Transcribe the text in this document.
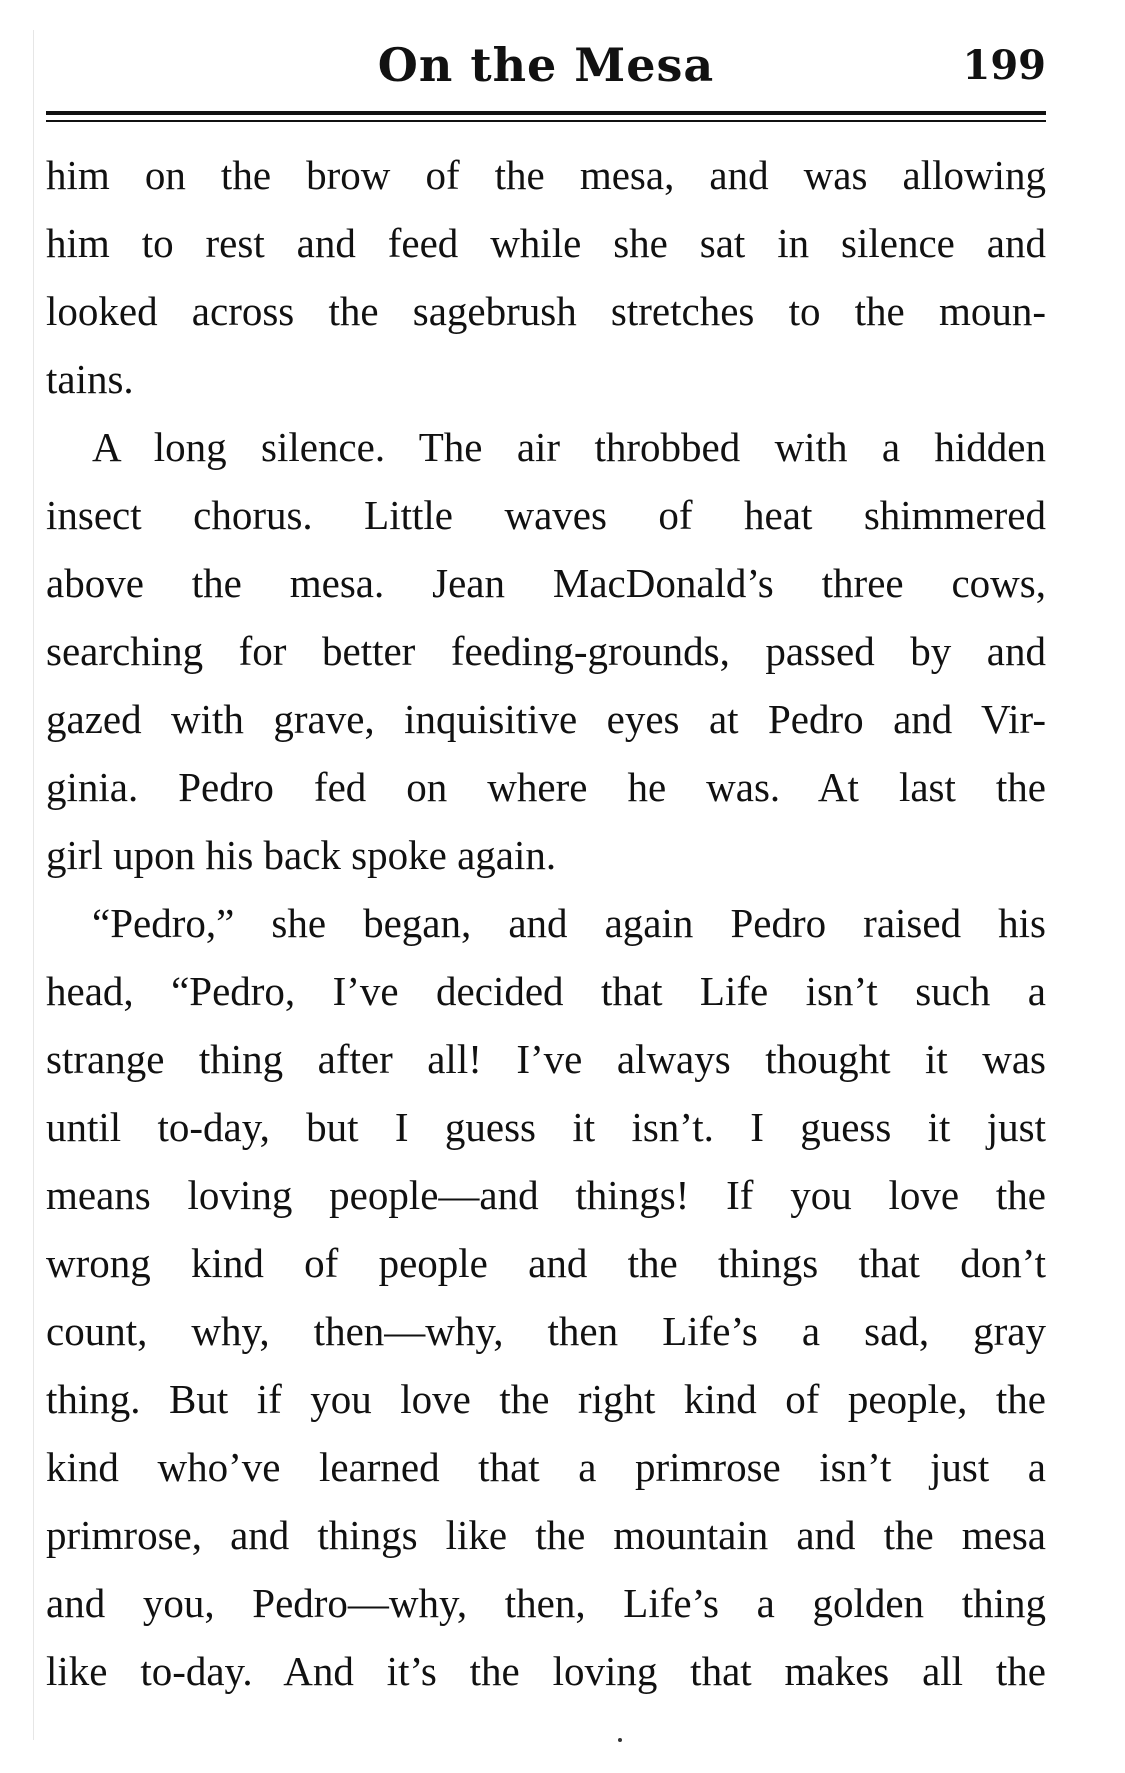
On the Mesa	199
him on the brow of the mesa, and was allowing
him to rest and feed while she sat in silence and
looked across the sagebrush stretches to the moun-
tains.
A long silence. The air throbbed with a hidden
insect chorus. Little waves of heat shimmered
above the mesa. Jean MacDonald’s three cows,
searching for better feeding-grounds, passed by and
gazed with grave, inquisitive eyes at Pedro and Vir-
ginia. Pedro fed on where he was. At last the
girl upon his back spoke again.
“Pedro,” she began, and again Pedro raised his
head, “Pedro, I’ve decided that Life isn’t such a
strange thing after all! I’ve always thought it was
until to-day, but I guess it isn’t. I guess it just
means loving people—and things! If you love the
wrong kind of people and the things that don’t
count, why, then—why, then Life’s a sad, gray
thing. But if you love the right kind of people, the
kind who’ve learned that a primrose isn’t just a
primrose, and things like the mountain and the mesa
and you, Pedro—why, then, Life’s a golden thing
like to-day. And it’s the loving that makes all the
